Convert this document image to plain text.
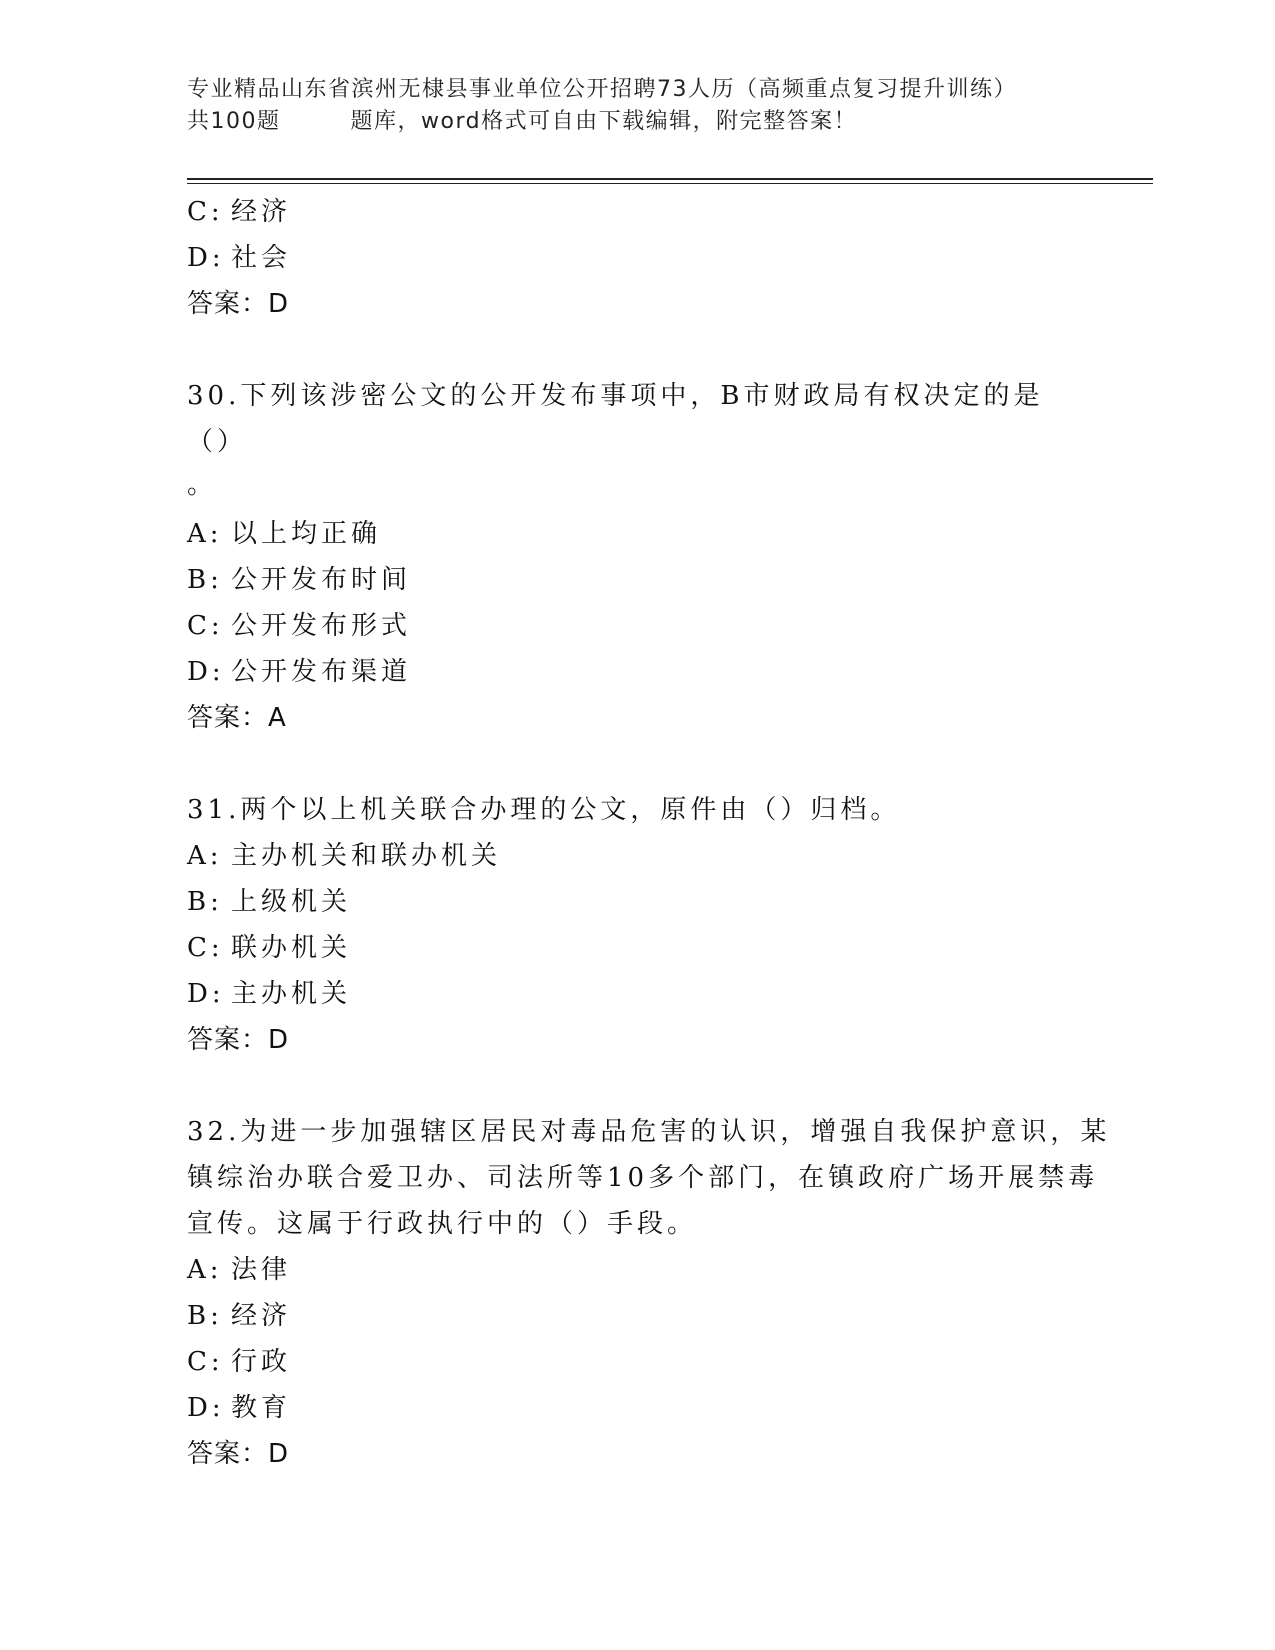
专业精品山东省滨州无棣县事业单位公开招聘73人历（高频重点复习提升训练）
共100题	题库，word格式可自由下载编辑，附完整答案！
C: 经济
D: 社会
答案：D
30.下列该涉密公文的公开发布事项中，B市财政局有权决定的是（）
。
A: 以上均正确
B: 公开发布时间
C: 公开发布形式
D: 公开发布渠道
答案：A
31.两个以上机关联合办理的公文，原件由（）归档。
A: 主办机关和联办机关
B: 上级机关
C: 联办机关
D: 主办机关
答案：D
32.为进一步加强辖区居民对毒品危害的认识，增强自我保护意识，某
镇综治办联合爱卫办、司法所等10多个部门，在镇政府广场开展禁毒
宣传。这属于行政执行中的（）手段。
A: 法律
B: 经济
C: 行政
D: 教育
答案：D
